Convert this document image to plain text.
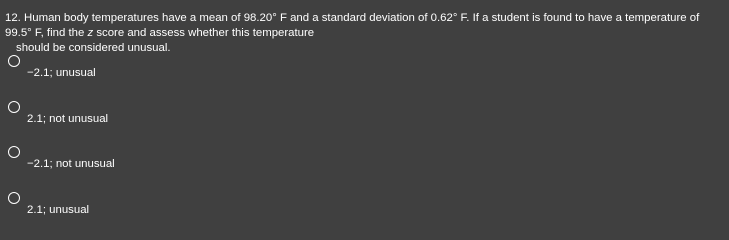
12. Human body temperatures have a mean of 98.20° F and a standard deviation of 0.62° F. If a student is found to have a temperature of 99.5° F, find the z score and assess whether this temperature
should be considered unusual.

−2.1; unusual
2.1; not unusual
−2.1; not unusual
2.1; unusual
